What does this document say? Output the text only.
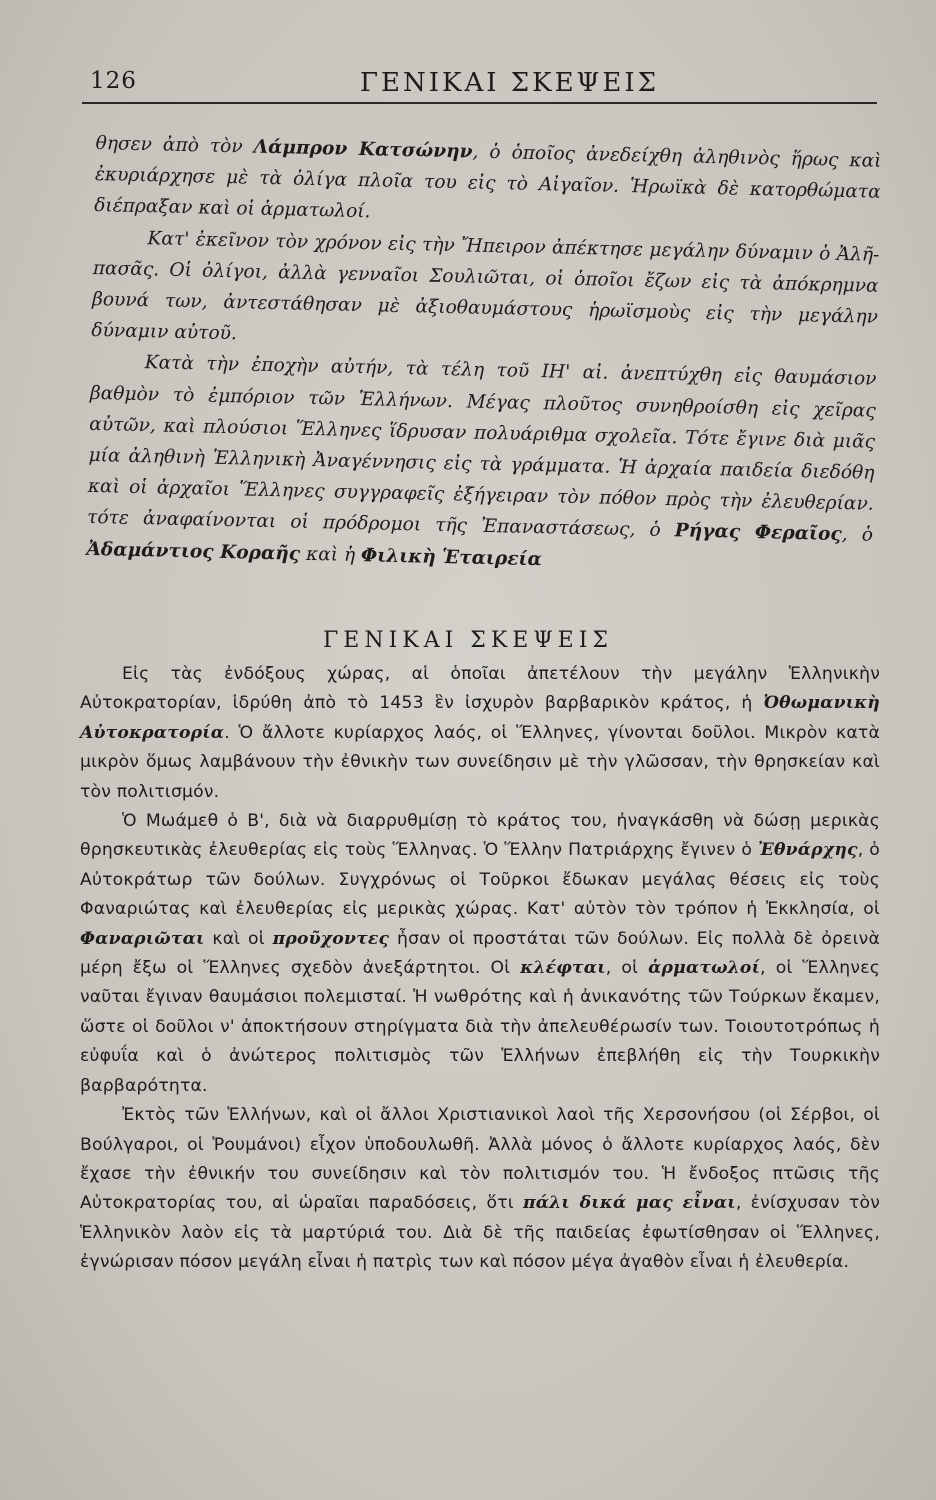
126	ΓΕΝΙΚΑΙ ΣΚΕΨΕΙΣ

θησεν ἀπὸ τὸν Λάμπρον Κατσώνην, ὁ ὁποῖος ἀνεδείχθη ἀληθινὸς ἥρως καὶ ἐκυριάρχησε μὲ τὰ ὀλίγα πλοῖα του εἰς τὸ Αἰγαῖον. Ἡρωϊκὰ δὲ κατορθώματα διέπραξαν καὶ οἱ ἁρματωλοί.

Κατ' ἐκεῖνον τὸν χρόνον εἰς τὴν Ἤπειρον ἀπέκτησε μεγάλην δύναμιν ὁ Ἀλῆ-πασᾶς. Οἱ ὀλίγοι, ἀλλὰ γενναῖοι Σουλιῶται, οἱ ὁποῖοι ἔζων εἰς τὰ ἀπόκρημνα βουνά των, ἀντεστάθησαν μὲ ἀξιοθαυμάστους ἡρωϊσμοὺς εἰς τὴν μεγάλην δύναμιν αὐτοῦ.

Κατὰ τὴν ἐποχὴν αὐτήν, τὰ τέλη τοῦ ΙΗ' αἰ. ἀνεπτύχθη εἰς θαυμάσιον βαθμὸν τὸ ἐμπόριον τῶν Ἑλλήνων. Μέγας πλοῦτος συνηθροίσθη εἰς χεῖρας αὐτῶν, καὶ πλούσιοι Ἕλληνες ἵδρυσαν πολυάριθμα σχολεῖα. Τότε ἔγινε διὰ μιᾶς μία ἀληθινὴ Ἑλληνικὴ Ἀναγέννησις εἰς τὰ γράμματα. Ἡ ἀρχαία παιδεία διεδόθη καὶ οἱ ἀρχαῖοι Ἕλληνες συγγραφεῖς ἐξήγειραν τὸν πόθον πρὸς τὴν ἐλευθερίαν. τότε ἀναφαίνονται οἱ πρόδρομοι τῆς Ἐπαναστάσεως, ὁ Ρήγας Φεραῖος, ὁ Ἀδαμάντιος Κοραῆς καὶ ἡ Φιλικὴ Ἑταιρεία

ΓΕΝΙΚΑΙ ΣΚΕΨΕΙΣ

Εἰς τὰς ἐνδόξους χώρας, αἱ ὁποῖαι ἀπετέλουν τὴν μεγάλην Ἑλληνικὴν Αὐτοκρατορίαν, ἱδρύθη ἀπὸ τὸ 1453 ἓν ἰσχυρὸν βαρβαρικὸν κράτος, ἡ Ὀθωμανικὴ Αὐτοκρατορία. Ὁ ἄλλοτε κυρίαρχος λαός, οἱ Ἕλληνες, γίνονται δοῦλοι. Μικρὸν κατὰ μικρὸν ὅμως λαμβάνουν τὴν ἐθνικὴν των συνείδησιν μὲ τὴν γλῶσσαν, τὴν θρησκείαν καὶ τὸν πολιτισμόν.

Ὁ Μωάμεθ ὁ Β', διὰ νὰ διαρρυθμίσῃ τὸ κράτος του, ἠναγκάσθη νὰ δώσῃ μερικὰς θρησκευτικὰς ἐλευθερίας εἰς τοὺς Ἕλληνας. Ὁ Ἕλλην Πατριάρχης ἔγινεν ὁ Ἐθνάρχης, ὁ Αὐτοκράτωρ τῶν δούλων. Συγχρόνως οἱ Τοῦρκοι ἔδωκαν μεγάλας θέσεις εἰς τοὺς Φαναριώτας καὶ ἐλευθερίας εἰς μερικὰς χώρας. Κατ' αὐτὸν τὸν τρόπον ἡ Ἐκκλησία, οἱ Φαναριῶται καὶ οἱ προῦχοντες ἦσαν οἱ προστάται τῶν δούλων. Εἰς πολλὰ δὲ ὀρεινὰ μέρη ἔξω οἱ Ἕλληνες σχεδὸν ἀνεξάρτητοι. Οἱ κλέφται, οἱ ἁρματωλοί, οἱ Ἕλληνες ναῦται ἔγιναν θαυμάσιοι πολεμισταί. Ἡ νωθρότης καὶ ἡ ἀνικανότης τῶν Τούρκων ἔκαμεν, ὥστε οἱ δοῦλοι ν' ἀποκτήσουν στηρίγματα διὰ τὴν ἀπελευθέρωσίν των. Τοιουτοτρόπως ἡ εὐφυΐα καὶ ὁ ἀνώτερος πολιτισμὸς τῶν Ἑλλήνων ἐπεβλήθη εἰς τὴν Τουρκικὴν βαρβαρότητα.

Ἐκτὸς τῶν Ἑλλήνων, καὶ οἱ ἄλλοι Χριστιανικοὶ λαοὶ τῆς Χερσονήσου (οἱ Σέρβοι, οἱ Βούλγαροι, οἱ Ῥουμάνοι) εἶχον ὑποδουλωθῆ. Ἀλλὰ μόνος ὁ ἄλλοτε κυρίαρχος λαός, δὲν ἔχασε τὴν ἐθνικήν του συνείδησιν καὶ τὸν πολιτισμόν του. Ἡ ἔνδοξος πτῶσις τῆς Αὐτοκρατορίας του, αἱ ὡραῖαι παραδόσεις, ὅτι πάλι δικά μας εἶναι, ἐνίσχυσαν τὸν Ἑλληνικὸν λαὸν εἰς τὰ μαρτύριά του. Διὰ δὲ τῆς παιδείας ἐφωτίσθησαν οἱ Ἕλληνες, ἐγνώρισαν πόσον μεγάλη εἶναι ἡ πατρὶς των καὶ πόσον μέγα ἀγαθὸν εἶναι ἡ ἐλευθερία.
